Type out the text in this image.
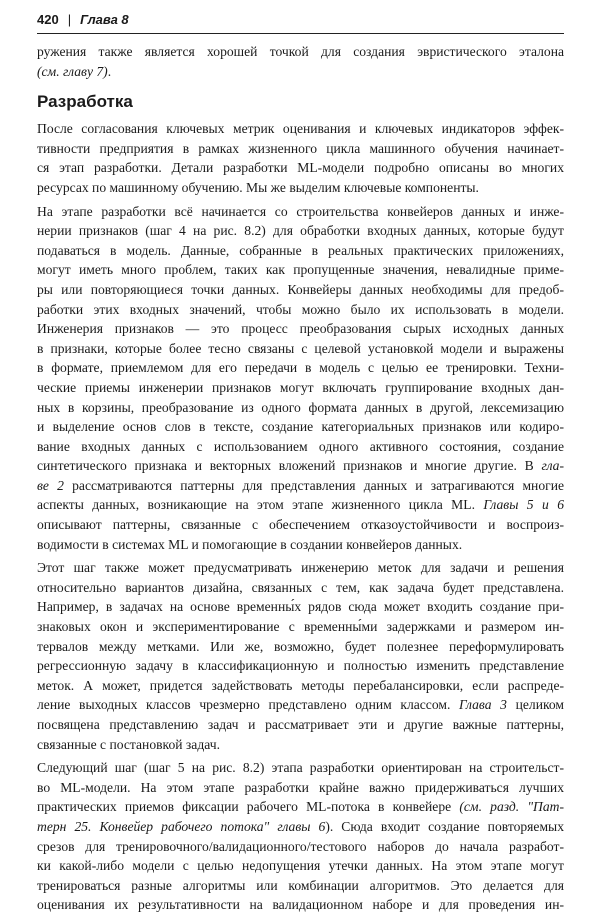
420 | Глава 8

ружения также является хорошей точкой для создания эвристического эталона
(см. главу 7).

Разработка

После согласования ключевых метрик оценивания и ключевых индикаторов эффек-
тивности предприятия в рамках жизненного цикла машинного обучения начинает-
ся этап разработки. Детали разработки ML-модели подробно описаны во многих
ресурсах по машинному обучению. Мы же выделим ключевые компоненты.

На этапе разработки всё начинается со строительства конвейеров данных и инже-
нерии признаков (шаг 4 на рис. 8.2) для обработки входных данных, которые будут
подаваться в модель. Данные, собранные в реальных практических приложениях,
могут иметь много проблем, таких как пропущенные значения, невалидные приме-
ры или повторяющиеся точки данных. Конвейеры данных необходимы для предоб-
работки этих входных значений, чтобы можно было их использовать в модели.
Инженерия признаков — это процесс преобразования сырых исходных данных
в признаки, которые более тесно связаны с целевой установкой модели и выражены
в формате, приемлемом для его передачи в модель с целью ее тренировки. Техни-
ческие приемы инженерии признаков могут включать группирование входных дан-
ных в корзины, преобразование из одного формата данных в другой, лексемизацию
и выделение основ слов в тексте, создание категориальных признаков или кодиро-
вание входных данных с использованием одного активного состояния, создание
синтетического признака и векторных вложений признаков и многие другие. В гла-
ве 2 рассматриваются паттерны для представления данных и затрагиваются многие
аспекты данных, возникающие на этом этапе жизненного цикла ML. Главы 5 и 6
описывают паттерны, связанные с обеспечением отказоустойчивости и воспроиз-
водимости в системах ML и помогающие в создании конвейеров данных.

Этот шаг также может предусматривать инженерию меток для задачи и решения
относительно вариантов дизайна, связанных с тем, как задача будет представлена.
Например, в задачах на основе временны́х рядов сюда может входить создание при-
знаковых окон и экспериментирование с временны́ми задержками и размером ин-
тервалов между метками. Или же, возможно, будет полезнее переформулировать
регрессионную задачу в классификационную и полностью изменить представление
меток. А может, придется задействовать методы перебалансировки, если распреде-
ление выходных классов чрезмерно представлено одним классом. Глава 3 целиком
посвящена представлению задач и рассматривает эти и другие важные паттерны,
связанные с постановкой задач.

Следующий шаг (шаг 5 на рис. 8.2) этапа разработки ориентирован на строительст-
во ML-модели. На этом этапе разработки крайне важно придерживаться лучших
практических приемов фиксации рабочего ML-потока в конвейере (см. разд. "Пат-
терн 25. Конвейер рабочего потока" главы 6). Сюда входит создание повторяемых
срезов для тренировочного/валидационного/тестового наборов до начала разработ-
ки какой-либо модели с целью недопущения утечки данных. На этом этапе могут
тренироваться разные алгоритмы или комбинации алгоритмов. Это делается для
оценивания их результативности на валидационном наборе и для проведения ин-
